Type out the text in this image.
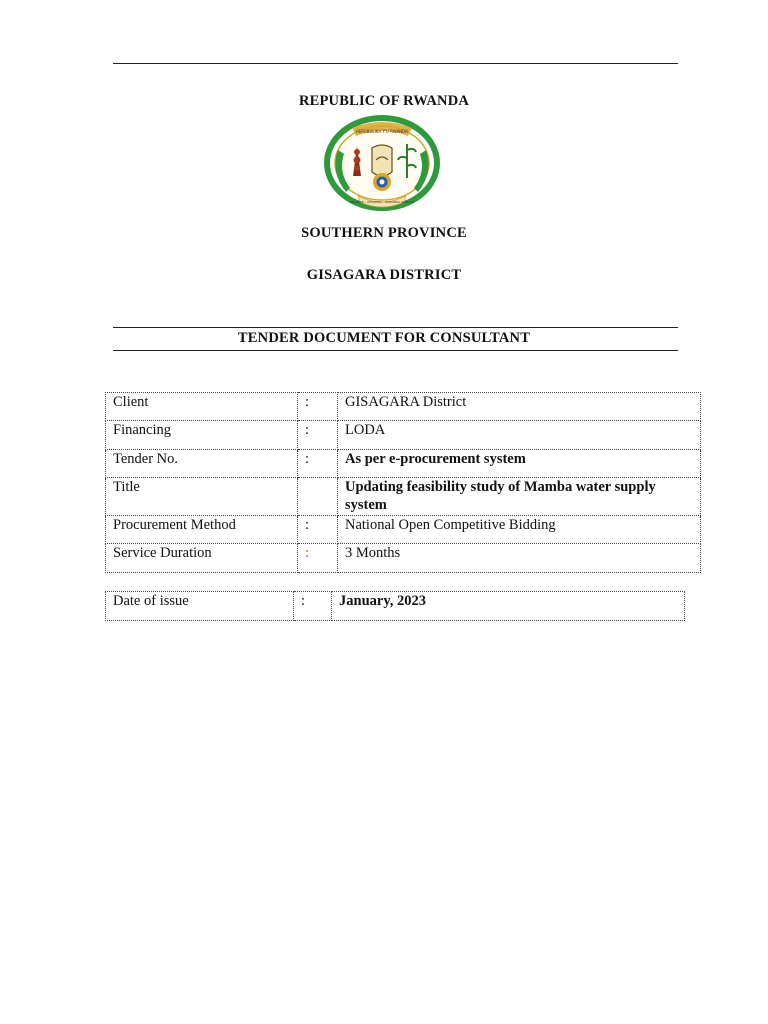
REPUBLIC OF RWANDA
REPUBULIKA Y'U RWANDA
UBUMWE - UMURIMO - GUKUNDA IGIHUGU
SOUTHERN PROVINCE
GISAGARA DISTRICT
TENDER DOCUMENT FOR CONSULTANT
Client	:	GISAGARA District
Financing	:	LODA
Tender No.	:	As per e-procurement system
Title		Updating feasibility study of Mamba water supply system
Procurement Method	:	National Open Competitive Bidding
Service Duration	:	3 Months
Date of issue	:	January, 2023
